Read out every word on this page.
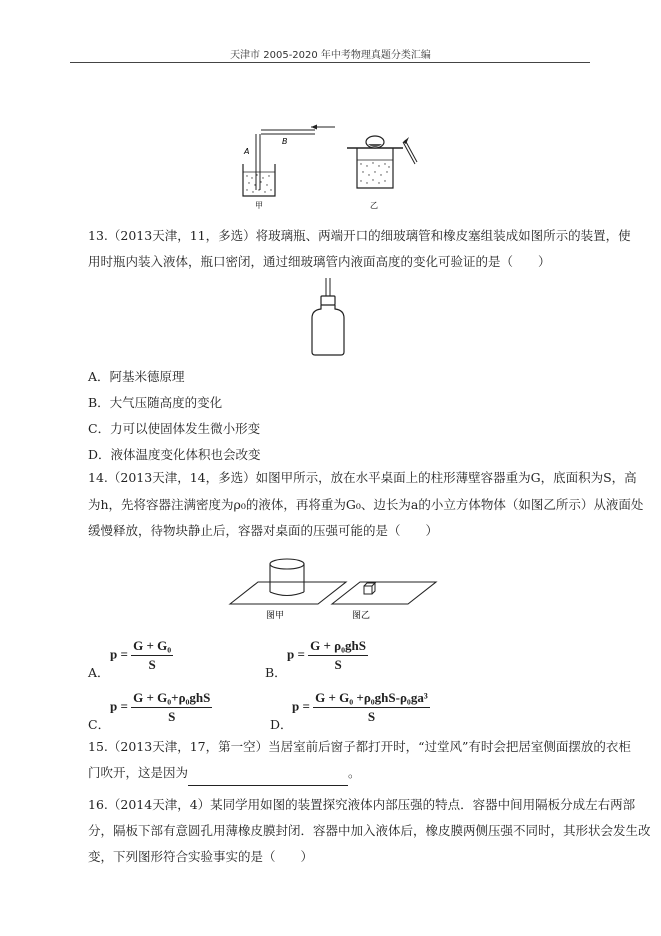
天津市 2005-2020 年中考物理真题分类汇编
A
B
甲	乙
13.（2013天津，11，多选）将玻璃瓶、两端开口的细玻璃管和橡皮塞组装成如图所示的装置，使
用时瓶内装入液体，瓶口密闭，通过细玻璃管内液面高度的变化可验证的是（　　）
A．阿基米德原理
B．大气压随高度的变化
C．力可以使固体发生微小形变
D．液体温度变化体积也会改变
14.（2013天津，14，多选）如图甲所示，放在水平桌面上的柱形薄壁容器重为G，底面积为S，高
为h，先将容器注满密度为ρ₀的液体，再将重为G₀、边长为a的小立方体物体（如图乙所示）从液面处
缓慢释放，待物块静止后，容器对桌面的压强可能的是（　　）
图甲	图乙
A．
$p = \frac{\text{G + G₀}}{S}$	B．
$p = \frac{\text{G + ρ₀ghS}}{S}$
C．
$p = \frac{\text{G + G₀+ρ₀ghS}}{S}$	D．
$p = \frac{\text{G + G₀ +ρ₀ghS-ρ₀ga³}}{S}$
15.（2013天津，17，第一空）当居室前后窗子都打开时，“过堂风”有时会把居室侧面摆放的衣柜
门吹开，这是因为	。
16.（2014天津，4）某同学用如图的装置探究液体内部压强的特点．容器中间用隔板分成左右两部
分，隔板下部有意圆孔用薄橡皮膜封闭．容器中加入液体后，橡皮膜两侧压强不同时，其形状会发生改
变，下列图形符合实验事实的是（　　）
